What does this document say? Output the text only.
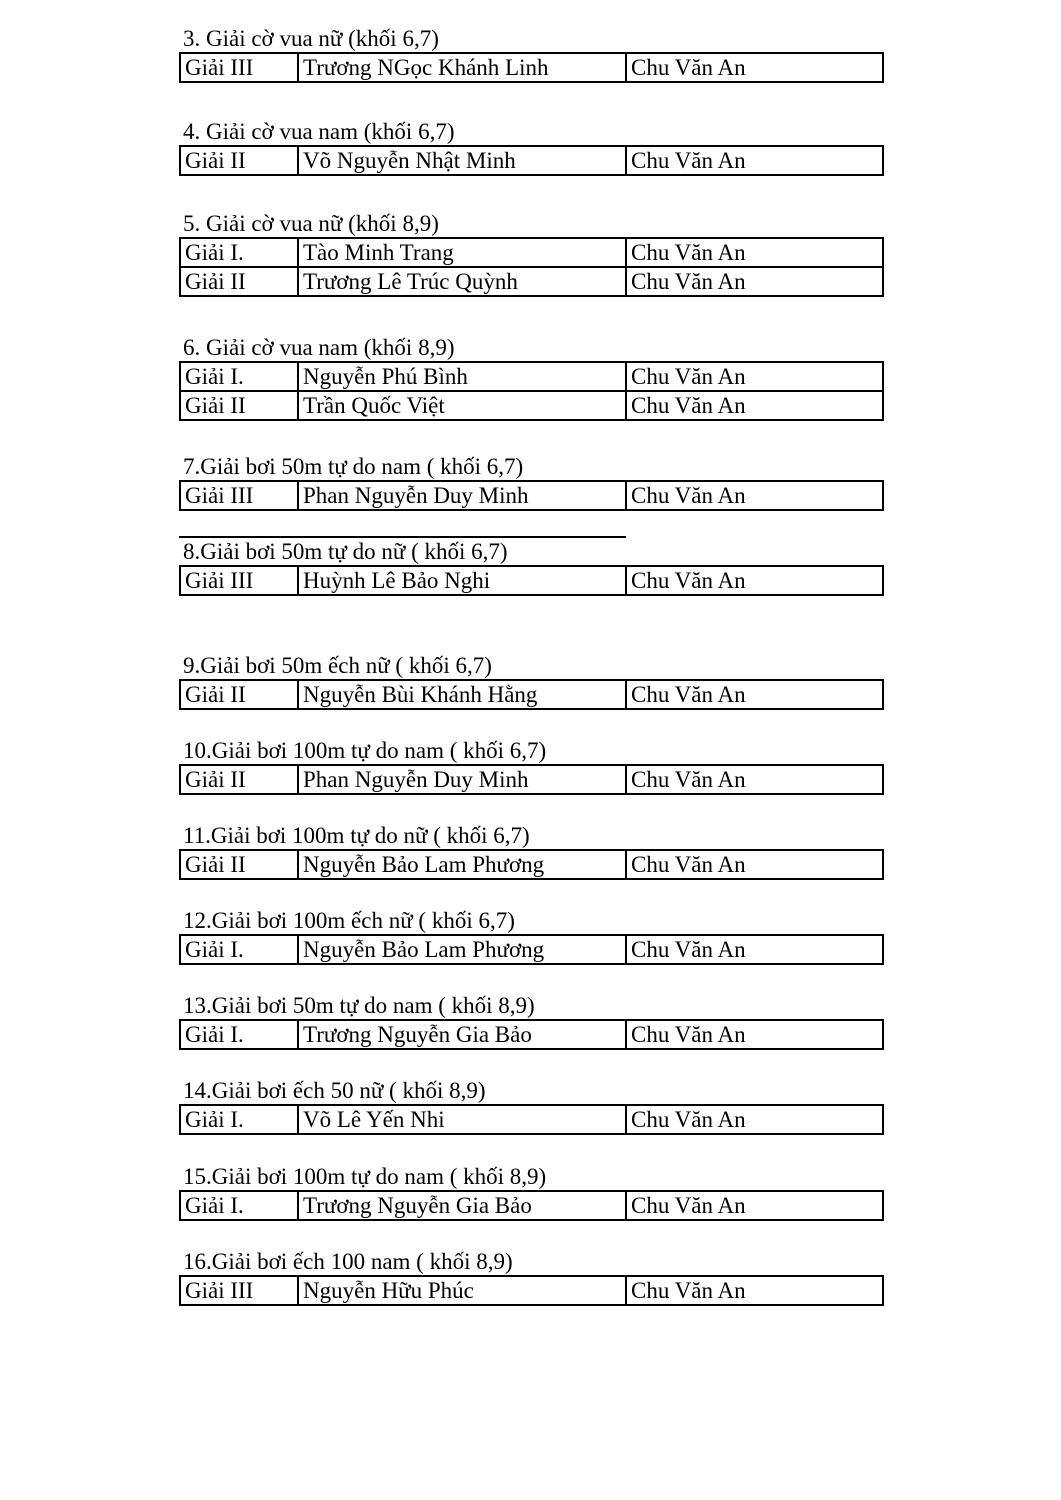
3. Giải cờ vua nữ (khối 6,7)
Giải III	Trương NGọc Khánh Linh	Chu Văn An
4. Giải cờ vua nam (khối 6,7)
Giải II	Võ Nguyễn Nhật Minh	Chu Văn An
5. Giải cờ vua nữ (khối 8,9)
Giải I.	Tào Minh Trang	Chu Văn An
Giải II	Trương Lê Trúc Quỳnh	Chu Văn An
6. Giải cờ vua nam (khối 8,9)
Giải I.	Nguyễn Phú Bình	Chu Văn An
Giải II	Trần Quốc Việt	Chu Văn An
7.Giải bơi 50m tự do nam ( khối 6,7)
Giải III	Phan Nguyễn Duy Minh	Chu Văn An
8.Giải bơi 50m tự do nữ ( khối 6,7)
Giải III	Huỳnh Lê Bảo Nghi	Chu Văn An
9.Giải bơi 50m ếch nữ ( khối 6,7)
Giải II	Nguyễn Bùi Khánh Hằng	Chu Văn An
10.Giải bơi 100m tự do nam ( khối 6,7)
Giải II	Phan Nguyễn Duy Minh	Chu Văn An
11.Giải bơi 100m tự do nữ ( khối 6,7)
Giải II	Nguyễn Bảo Lam Phương	Chu Văn An
12.Giải bơi 100m ếch nữ ( khối 6,7)
Giải I.	Nguyễn Bảo Lam Phương	Chu Văn An
13.Giải bơi 50m tự do nam ( khối 8,9)
Giải I.	Trương Nguyễn Gia Bảo	Chu Văn An
14.Giải bơi ếch 50 nữ ( khối 8,9)
Giải I.	Võ Lê Yến Nhi	Chu Văn An
15.Giải bơi 100m tự do nam ( khối 8,9)
Giải I.	Trương Nguyễn Gia Bảo	Chu Văn An
16.Giải bơi ếch 100 nam ( khối 8,9)
Giải III	Nguyễn Hữu Phúc	Chu Văn An
